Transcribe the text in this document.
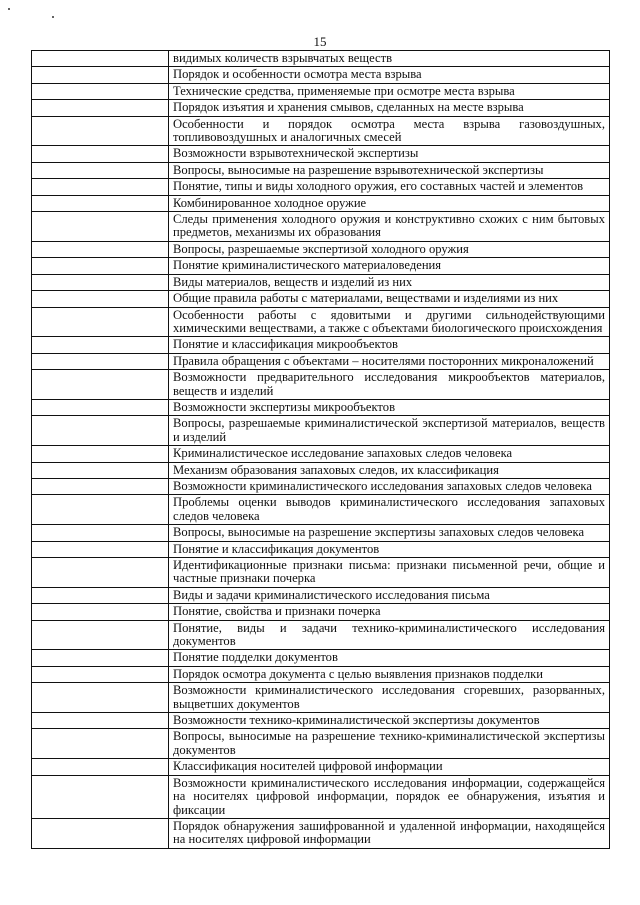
15
	видимых количеств взрывчатых веществ
	Порядок и особенности осмотра места взрыва
	Технические средства, применяемые при осмотре места взрыва
	Порядок изъятия и хранения смывов, сделанных на месте взрыва
	Особенности и порядок осмотра места взрыва газовоздушных, топливовоздушных и аналогичных смесей
	Возможности взрывотехнической экспертизы
	Вопросы, выносимые на разрешение взрывотехнической экспертизы
	Понятие, типы и виды холодного оружия, его составных частей и элементов
	Комбинированное холодное оружие
	Следы применения холодного оружия и конструктивно схожих с ним бытовых предметов, механизмы их образования
	Вопросы, разрешаемые экспертизой холодного оружия
	Понятие криминалистического материаловедения
	Виды материалов, веществ и изделий из них
	Общие правила работы с материалами, веществами и изделиями из них
	Особенности работы с ядовитыми и другими сильнодействующими химическими веществами, а также с объектами биологического происхождения
	Понятие и классификация микрообъектов
	Правила обращения с объектами – носителями посторонних микроналожений
	Возможности предварительного исследования микрообъектов материалов, веществ и изделий
	Возможности экспертизы микрообъектов
	Вопросы, разрешаемые криминалистической экспертизой материалов, веществ и изделий
	Криминалистическое исследование запаховых следов человека
	Механизм образования запаховых следов, их классификация
	Возможности криминалистического исследования запаховых следов человека
	Проблемы оценки выводов криминалистического исследования запаховых следов человека
	Вопросы, выносимые на разрешение экспертизы запаховых следов человека
	Понятие и классификация документов
	Идентификационные признаки письма: признаки письменной речи, общие и частные признаки почерка
	Виды и задачи криминалистического исследования письма
	Понятие, свойства и признаки почерка
	Понятие, виды и задачи технико-криминалистического исследования документов
	Понятие подделки документов
	Порядок осмотра документа с целью выявления признаков подделки
	Возможности криминалистического исследования сгоревших, разорванных, выцветших документов
	Возможности технико-криминалистической экспертизы документов
	Вопросы, выносимые на разрешение технико-криминалистической экспертизы документов
	Классификация носителей цифровой информации
	Возможности криминалистического исследования информации, содержащейся на носителях цифровой информации, порядок ее обнаружения, изъятия и фиксации
	Порядок обнаружения зашифрованной и удаленной информации, находящейся на носителях цифровой информации
